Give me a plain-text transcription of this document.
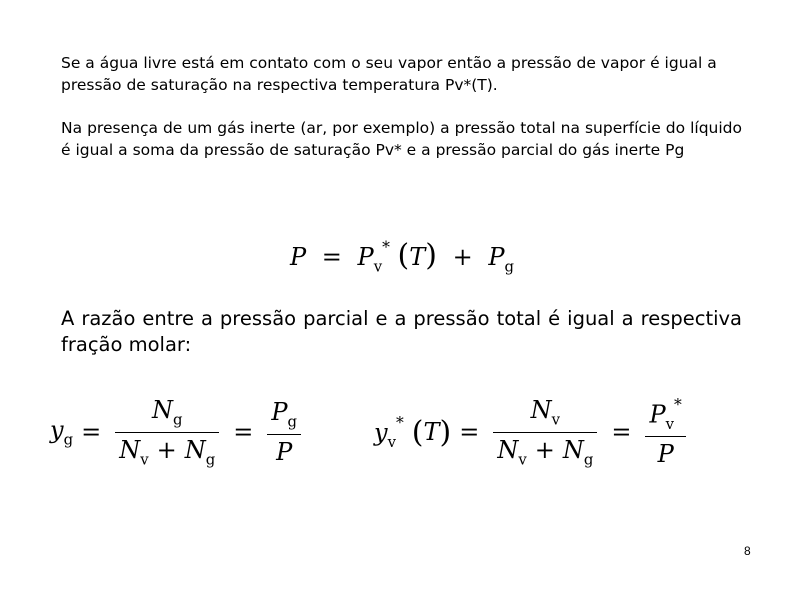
Se a água livre está em contato com o seu vapor então a pressão de vapor é igual a pressão de saturação na respectiva temperatura Pv*(T).
Na presença de um gás inerte (ar, por exemplo) a pressão total na superfície do líquido é igual a soma da pressão de saturação Pv* e a pressão parcial do gás inerte Pg
$P = P_v^*$ $(T) + P_g$
A razão entre a pressão parcial e a pressão total é igual a respectiva fração molar:
$y_g = \frac{N_g}{N_v + N_g} = \frac{P_g}{P}$	$y_v^*$ ( T ) = $\frac{N_v}{N_v + N_g} = \frac{P_v^*}{P}$
8
